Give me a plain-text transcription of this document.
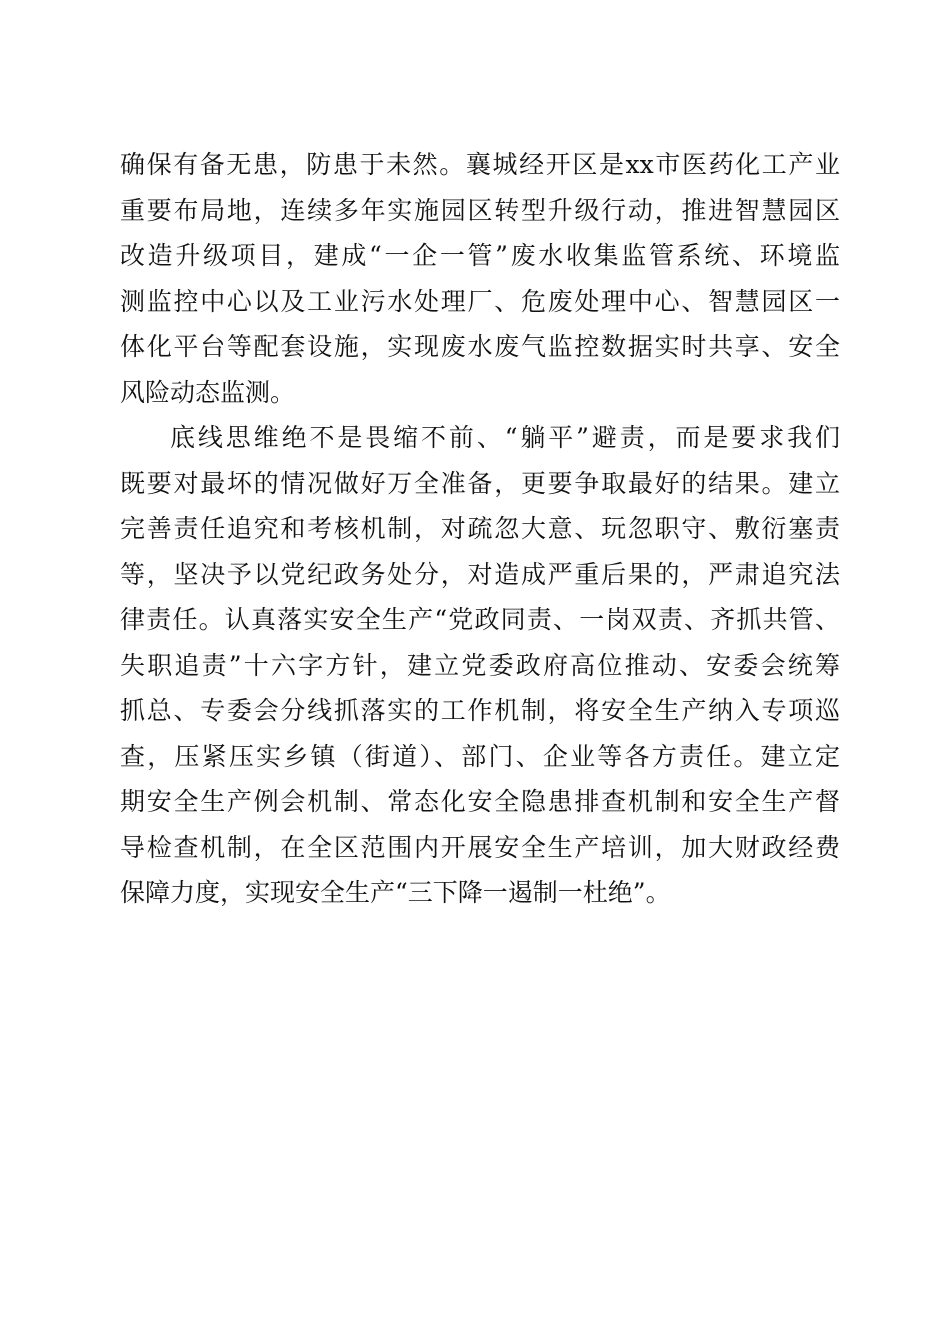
确保有备无患，防患于未然。襄城经开区是xx市医药化工产业
重要布局地，连续多年实施园区转型升级行动，推进智慧园区
改造升级项目，建成“一企一管”废水收集监管系统、环境监
测监控中心以及工业污水处理厂、危废处理中心、智慧园区一
体化平台等配套设施，实现废水废气监控数据实时共享、安全
风险动态监测。
底线思维绝不是畏缩不前、“躺平”避责，而是要求我们
既要对最坏的情况做好万全准备，更要争取最好的结果。建立
完善责任追究和考核机制，对疏忽大意、玩忽职守、敷衍塞责
等，坚决予以党纪政务处分，对造成严重后果的，严肃追究法
律责任。认真落实安全生产“党政同责、一岗双责、齐抓共管、
失职追责”十六字方针，建立党委政府高位推动、安委会统筹
抓总、专委会分线抓落实的工作机制，将安全生产纳入专项巡
查，压紧压实乡镇（街道）、部门、企业等各方责任。建立定
期安全生产例会机制、常态化安全隐患排查机制和安全生产督
导检查机制，在全区范围内开展安全生产培训，加大财政经费
保障力度，实现安全生产“三下降一遏制一杜绝”。
